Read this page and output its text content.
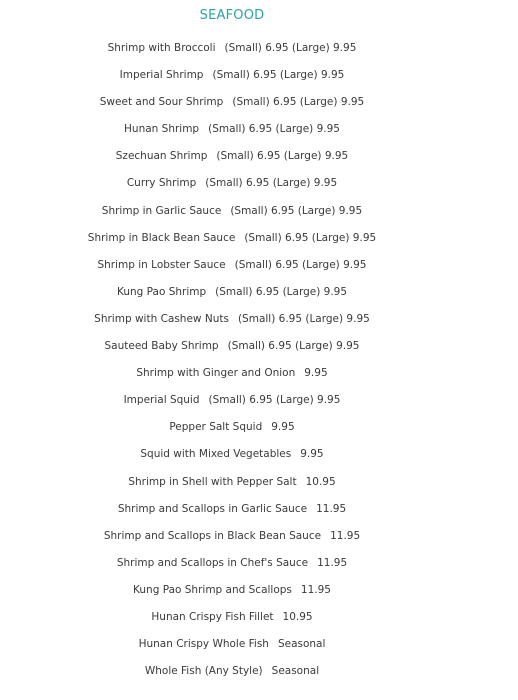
SEAFOOD
Shrimp with Broccoli (Small) 6.95 (Large) 9.95
Imperial Shrimp (Small) 6.95 (Large) 9.95
Sweet and Sour Shrimp (Small) 6.95 (Large) 9.95
Hunan Shrimp (Small) 6.95 (Large) 9.95
Szechuan Shrimp (Small) 6.95 (Large) 9.95
Curry Shrimp (Small) 6.95 (Large) 9.95
Shrimp in Garlic Sauce (Small) 6.95 (Large) 9.95
Shrimp in Black Bean Sauce (Small) 6.95 (Large) 9.95
Shrimp in Lobster Sauce (Small) 6.95 (Large) 9.95
Kung Pao Shrimp (Small) 6.95 (Large) 9.95
Shrimp with Cashew Nuts (Small) 6.95 (Large) 9.95
Sauteed Baby Shrimp (Small) 6.95 (Large) 9.95
Shrimp with Ginger and Onion 9.95
Imperial Squid (Small) 6.95 (Large) 9.95
Pepper Salt Squid 9.95
Squid with Mixed Vegetables 9.95
Shrimp in Shell with Pepper Salt 10.95
Shrimp and Scallops in Garlic Sauce 11.95
Shrimp and Scallops in Black Bean Sauce 11.95
Shrimp and Scallops in Chef's Sauce 11.95
Kung Pao Shrimp and Scallops 11.95
Hunan Crispy Fish Fillet 10.95
Hunan Crispy Whole Fish Seasonal
Whole Fish (Any Style) Seasonal
